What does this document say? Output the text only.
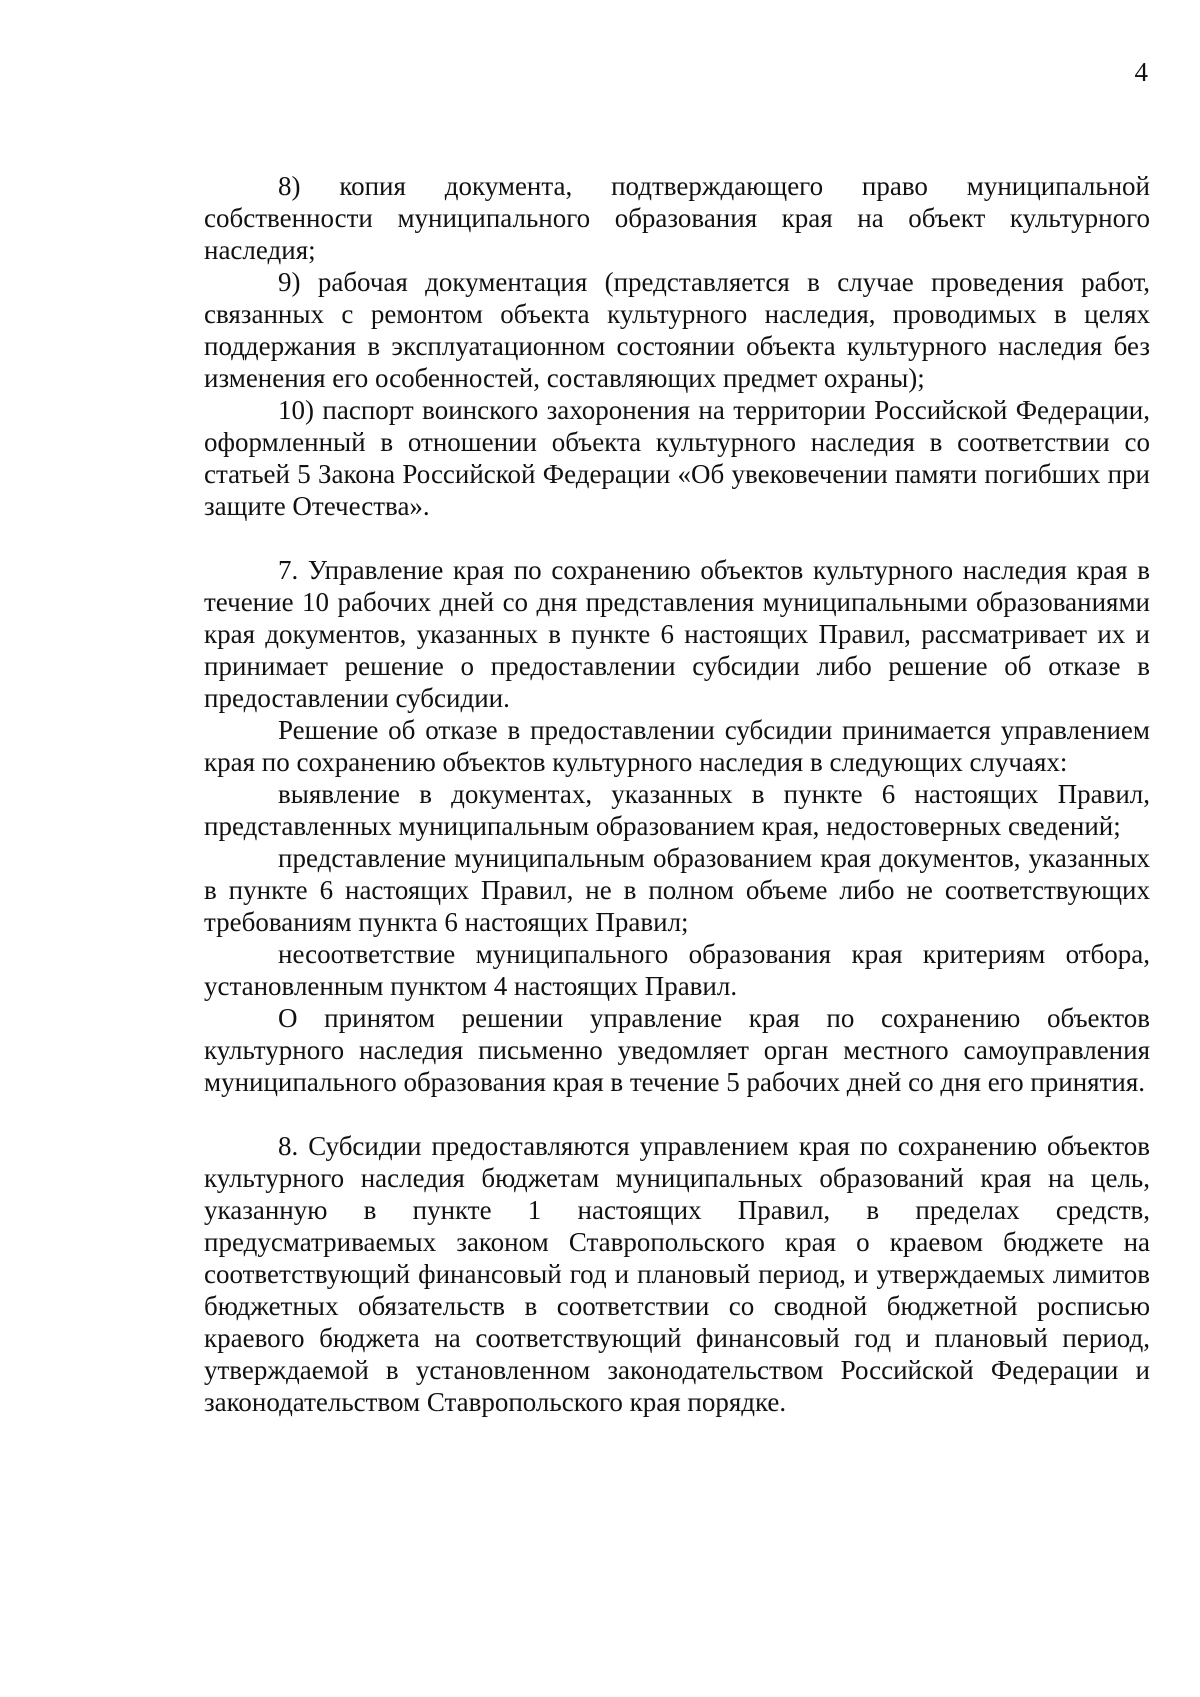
4

8) копия документа, подтверждающего право муниципальной собственности муниципального образования края на объект культурного наследия;

9) рабочая документация (представляется в случае проведения работ, связанных с ремонтом объекта культурного наследия, проводимых в целях поддержания в эксплуатационном состоянии объекта культурного наследия без изменения его особенностей, составляющих предмет охраны);

10) паспорт воинского захоронения на территории Российской Федерации, оформленный в отношении объекта культурного наследия в соответствии со статьей 5 Закона Российской Федерации «Об увековечении памяти погибших при защите Отечества».

7. Управление края по сохранению объектов культурного наследия края в течение 10 рабочих дней со дня представления муниципальными образованиями края документов, указанных в пункте 6 настоящих Правил, рассматривает их и принимает решение о предоставлении субсидии либо решение об отказе в предоставлении субсидии.

Решение об отказе в предоставлении субсидии принимается управлением края по сохранению объектов культурного наследия в следующих случаях:

выявление в документах, указанных в пункте 6 настоящих Правил, представленных муниципальным образованием края, недостоверных сведений;

представление муниципальным образованием края документов, указанных в пункте 6 настоящих Правил, не в полном объеме либо не соответствующих требованиям пункта 6 настоящих Правил;

несоответствие муниципального образования края критериям отбора, установленным пунктом 4 настоящих Правил.

О принятом решении управление края по сохранению объектов культурного наследия письменно уведомляет орган местного самоуправления муниципального образования края в течение 5 рабочих дней со дня его принятия.

8. Субсидии предоставляются управлением края по сохранению объектов культурного наследия бюджетам муниципальных образований края на цель, указанную в пункте 1 настоящих Правил, в пределах средств, предусматриваемых законом Ставропольского края о краевом бюджете на соответствующий финансовый год и плановый период, и утверждаемых лимитов бюджетных обязательств в соответствии со сводной бюджетной росписью краевого бюджета на соответствующий финансовый год и плановый период, утверждаемой в установленном законодательством Российской Федерации и законодательством Ставропольского края порядке.
